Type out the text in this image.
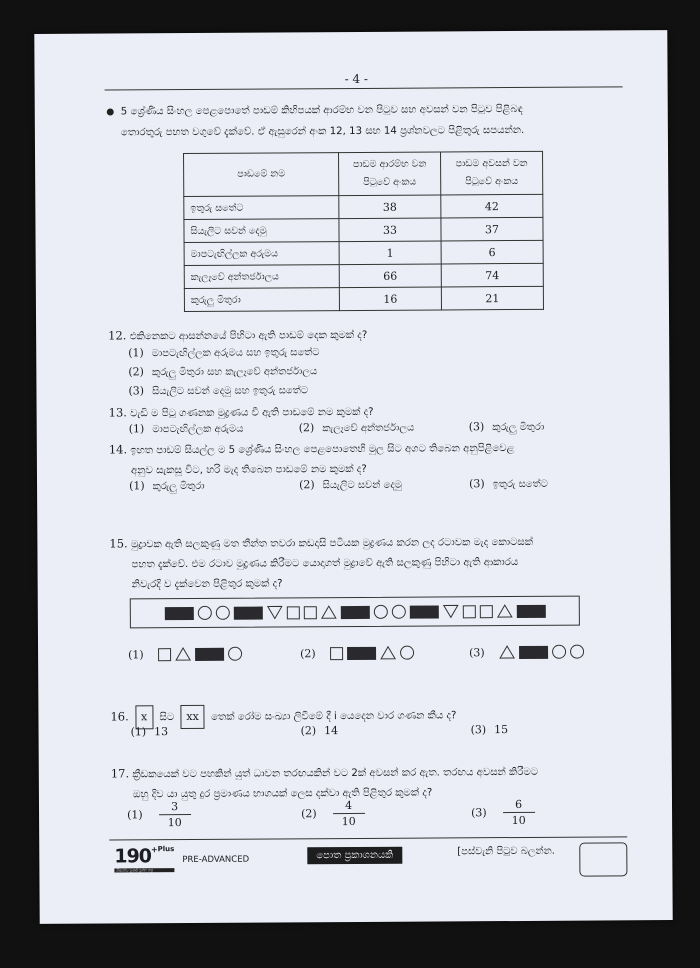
- 4 -
5 ශ්‍රේණිය සිංහල පෙළපොතේ පාඩම් කිහිපයක් ආරම්භ වන පිටුව සහ අවසන් වන පිටුව පිළිබඳ
තොරතුරු පහත වගුවේ දැක්වේ. ඒ ඇසුරෙන් අංක 12, 13 සහ 14 ප්‍රශ්නවලට පිළිතුරු සපයන්න.
පාඩමේ නම	පාඩම ආරම්භ වන පිටුවේ අංකය	පාඩම අවසන් වන පිටුවේ අංකය
ඉතුරු සතේට	38	42
සියැලිට සවන් දෙමු	33	37
මාපටැඟිල්ලක අරුමය	1	6
කැලෑවේ අන්තර්ජාලය	66	74
කුරුලු මිතුරා	16	21
12. එකිනෙකට ආසන්නයේ පිහිටා ඇති පාඩම් දෙක කුමක් ද?
(1) මාපටැඟිල්ලක අරුමය සහ ඉතුරු සතේට
(2) කුරුලු මිතුරා සහ කැලෑවේ අන්තර්ජාලය
(3) සියැලිට සවන් දෙමු සහ ඉතුරු සතේට
13. වැඩි ම පිටු ගණනක මුද්‍රණය වී ඇති පාඩමේ නම කුමක් ද?
(1) මාපටැඟිල්ලක අරුමය	(2) කැලෑවේ අන්තර්ජාලය	(3) කුරුලු මිතුරා
14. ඉහත පාඩම් සියල්ල ම 5 ශ්‍රේණිය සිංහල පෙළපොතෙහි මුල සිට අගට තිබෙන අනුපිළිවෙළ
අනුව සැකසූ විට, හරි මැද තිබෙන පාඩමේ නම කුමක් ද?
(1) කුරුලු මිතුරා	(2) සියැලිට සවන් දෙමු	(3) ඉතුරු සතේට
15. මුද්‍රාවක ඇති සලකුණු මත තීන්ත තවරා කඩදාසි පටියක මුද්‍රණය කරන ලද රටාවක මැද කොටසක්
පහත දැක්වේ. එම රටාව මුද්‍රණය කිරීමට යොදාගත් මුද්‍රාවේ ඇති සලකුණු පිහිටා ඇති ආකාරය
නිවැරදි ව දැක්වෙන පිළිතුර කුමක් ද?
(1)	(2)	(3)
16. x සිට xx තෙක් රෝම සංඛ්‍යා ලිවීමේ දී i යෙදෙන වාර ගණන කීය ද?
(1) 13	(2) 14	(3) 15
17. ක්‍රීඩකයෙක් වට පහකින් යුත් ධාවන තරඟයකින් වට 2ක් අවසන් කර ඇත. තරඟය අවසන් කිරීමට
ඔහු දිව යා යුතු දුර ප්‍රමාණය භාගයක් ලෙස දක්වා ඇති පිළිතුර කුමක් ද?
$(1) \frac{3}{10}$	$(2) \frac{4}{10}$	$(3) \frac{6}{10}$
$190^{+Plus}$
ශිෂ්‍යත්ව පූර්ණ ප්‍රශ්න පත්‍ර
PRE-ADVANCED	පොත ප්‍රකාශනයකි	[පස්වැනි පිටුව බලන්න.
